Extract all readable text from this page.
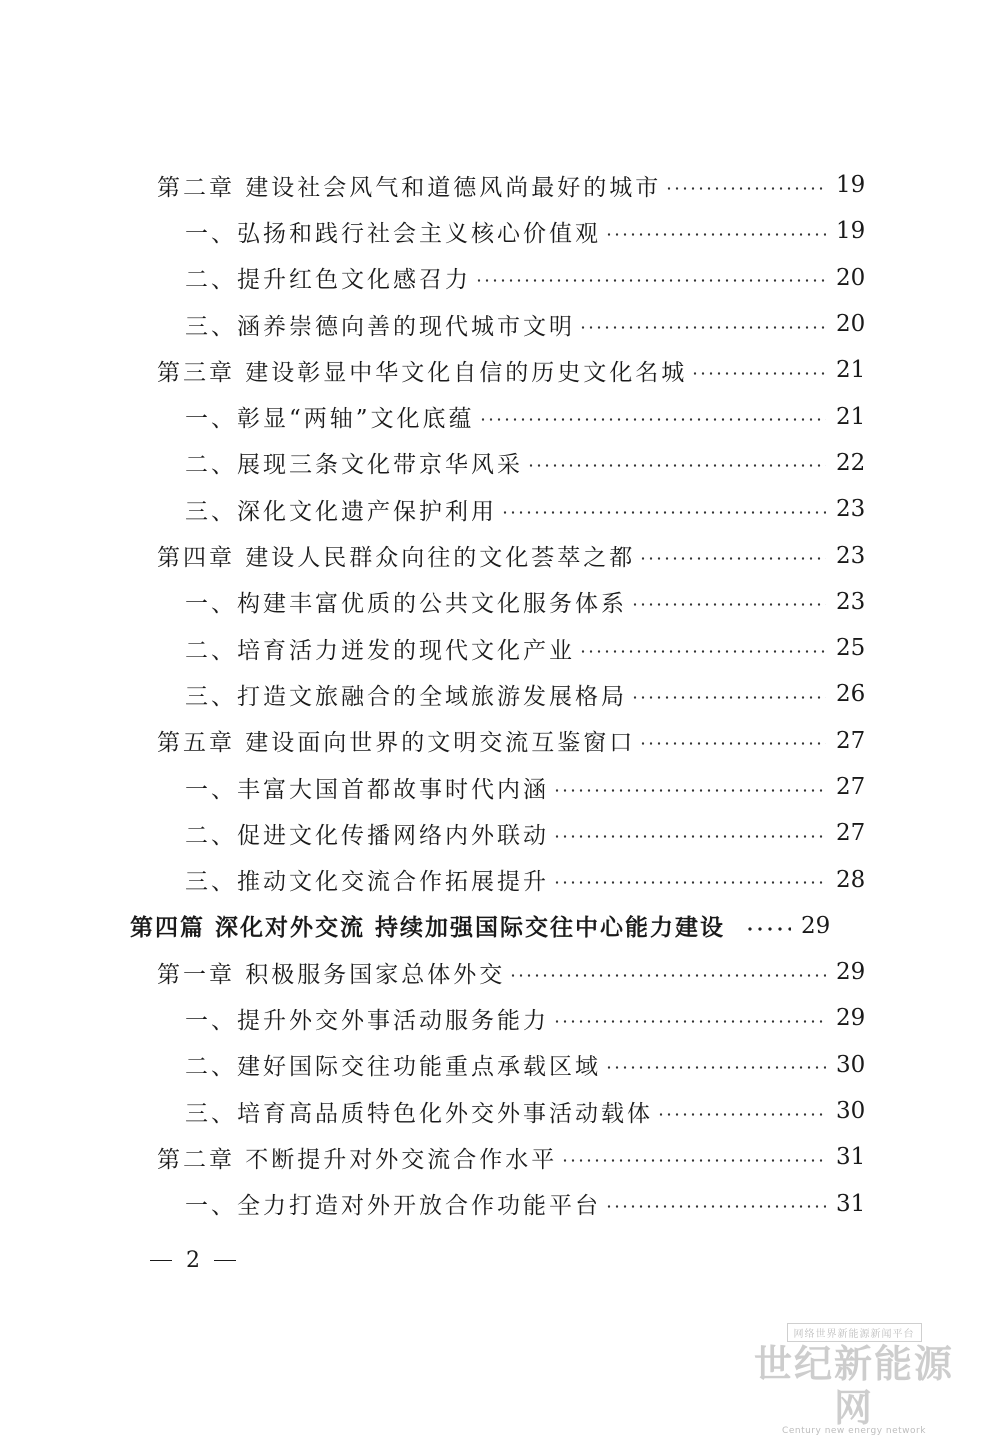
第二章 建设社会风气和道德风尚最好的城市	19
一、弘扬和践行社会主义核心价值观	19
二、提升红色文化感召力	20
三、涵养崇德向善的现代城市文明	20
第三章 建设彰显中华文化自信的历史文化名城	21
一、彰显“两轴”文化底蕴	21
二、展现三条文化带京华风采	22
三、深化文化遗产保护利用	23
第四章 建设人民群众向往的文化荟萃之都	23
一、构建丰富优质的公共文化服务体系	23
二、培育活力迸发的现代文化产业	25
三、打造文旅融合的全域旅游发展格局	26
第五章 建设面向世界的文明交流互鉴窗口	27
一、丰富大国首都故事时代内涵	27
二、促进文化传播网络内外联动	27
三、推动文化交流合作拓展提升	28
第四篇 深化对外交流 持续加强国际交往中心能力建设	29
第一章 积极服务国家总体外交	29
一、提升外交外事活动服务能力	29
二、建好国际交往功能重点承载区域	30
三、培育高品质特色化外交外事活动载体	30
第二章 不断提升对外交流合作水平	31
一、全力打造对外开放合作功能平台	31
2
网络世界新能源新闻平台
世纪新能源网
Century new energy network
